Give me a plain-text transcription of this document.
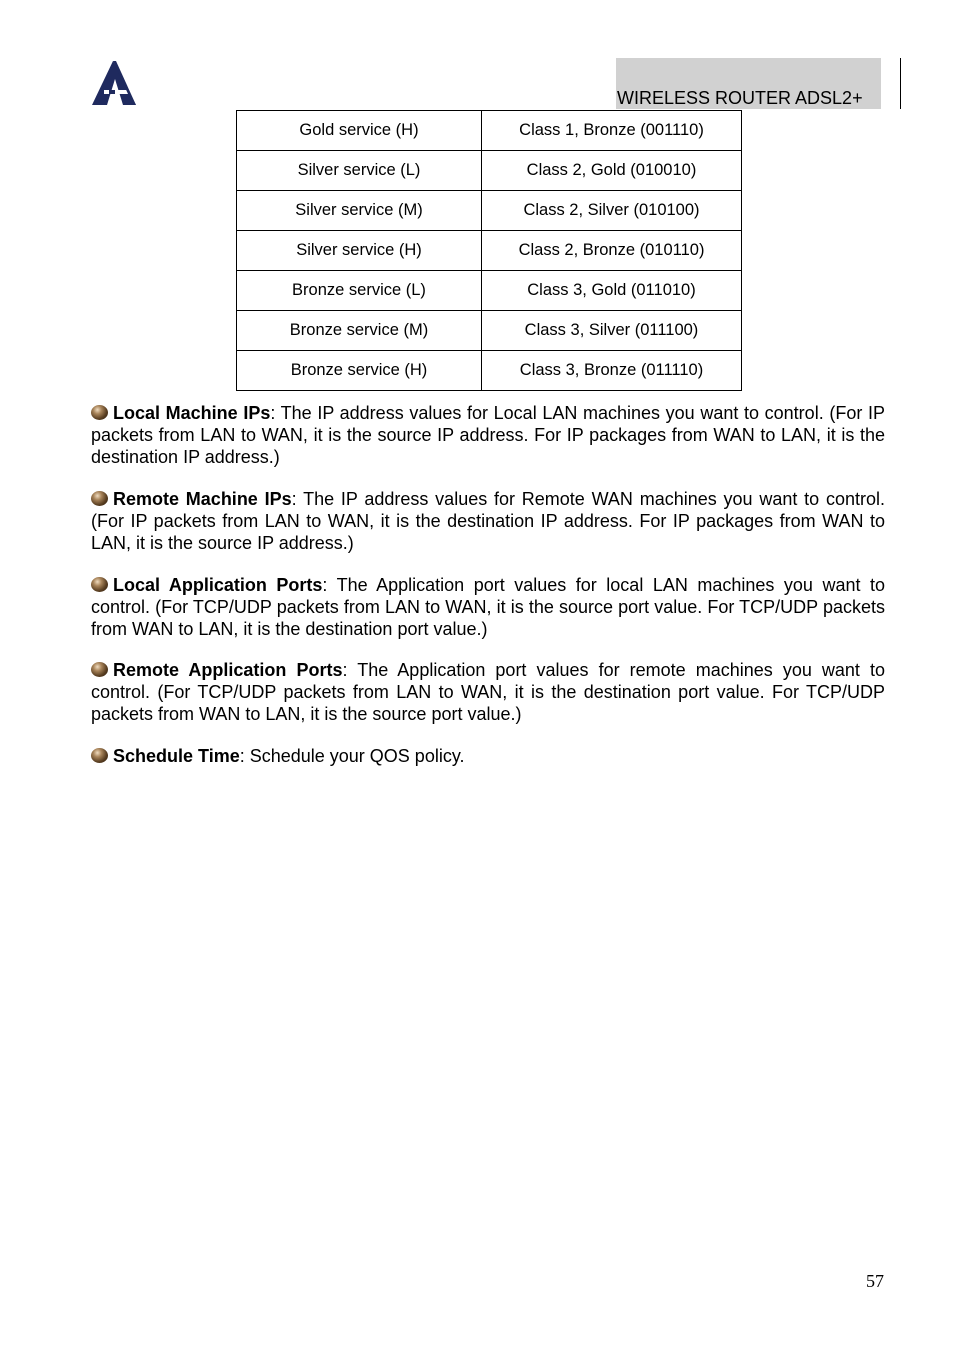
WIRELESS ROUTER ADSL2+
Gold service (H)	Class 1, Bronze (001110)
Silver service (L)	Class 2, Gold (010010)
Silver service (M)	Class 2, Silver (010100)
Silver service (H)	Class 2, Bronze (010110)
Bronze service (L)	Class 3, Gold (011010)
Bronze service (M)	Class 3, Silver (011100)
Bronze service (H)	Class 3, Bronze (011110)

Local Machine IPs: The IP address values for Local LAN machines you want to control. (For IP packets from LAN to WAN, it is the source IP address. For IP packages from WAN to LAN, it is the destination IP address.)

Remote Machine IPs: The IP address values for Remote WAN machines you want to control. (For IP packets from LAN to WAN, it is the destination IP address. For IP packages from WAN to LAN, it is the source IP address.)

Local Application Ports: The Application port values for local LAN machines you want to control. (For TCP/UDP packets from LAN to WAN, it is the source port value. For TCP/UDP packets from WAN to LAN, it is the destination port value.)

Remote Application Ports: The Application port values for remote machines you want to control. (For TCP/UDP packets from LAN to WAN, it is the destination port value. For TCP/UDP packets from WAN to LAN, it is the source port value.)

Schedule Time: Schedule your QOS policy.

57
